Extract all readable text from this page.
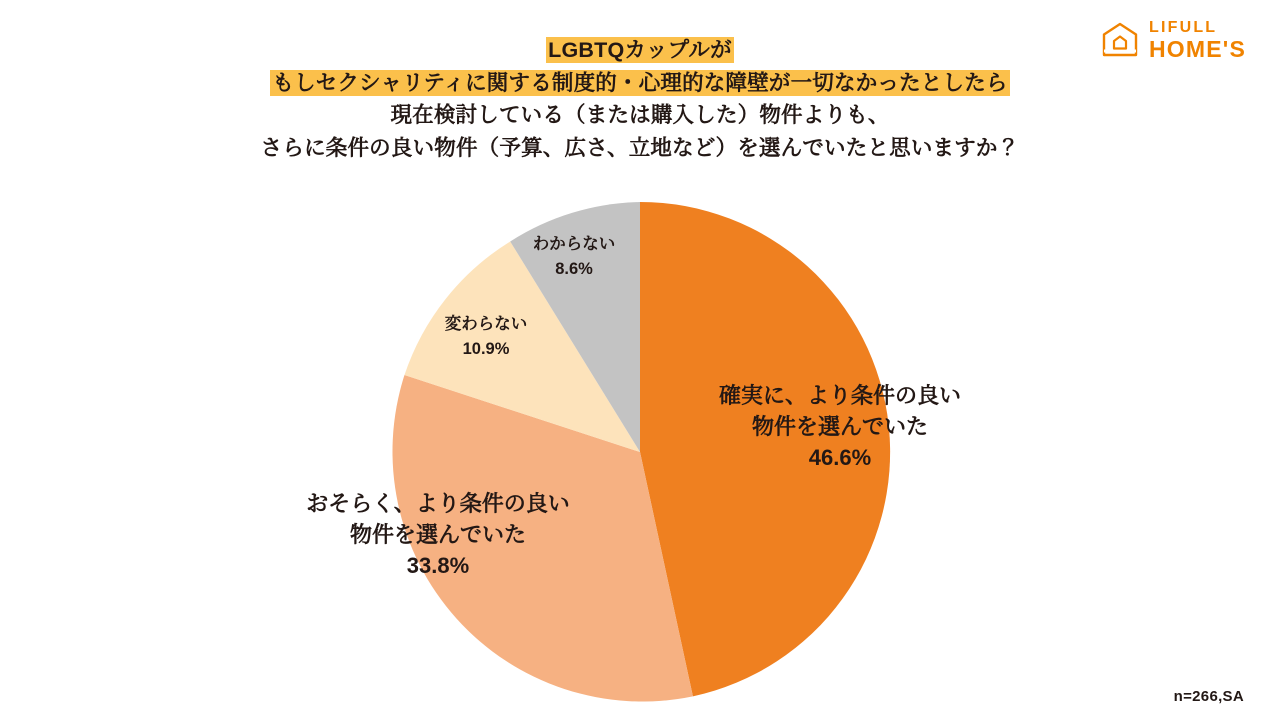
LIFULL
HOME'S
LGBTQカップルが
もしセクシャリティに関する制度的・心理的な障壁が一切なかったとしたら
現在検討している（または購入した）物件よりも、
さらに条件の良い物件（予算、広さ、立地など）を選んでいたと思いますか？
確実に、より条件の良い
物件を選んでいた
46.6%
おそらく、より条件の良い
物件を選んでいた
33.8%
変わらない
10.9%
わからない
8.6%
n=266,SA
